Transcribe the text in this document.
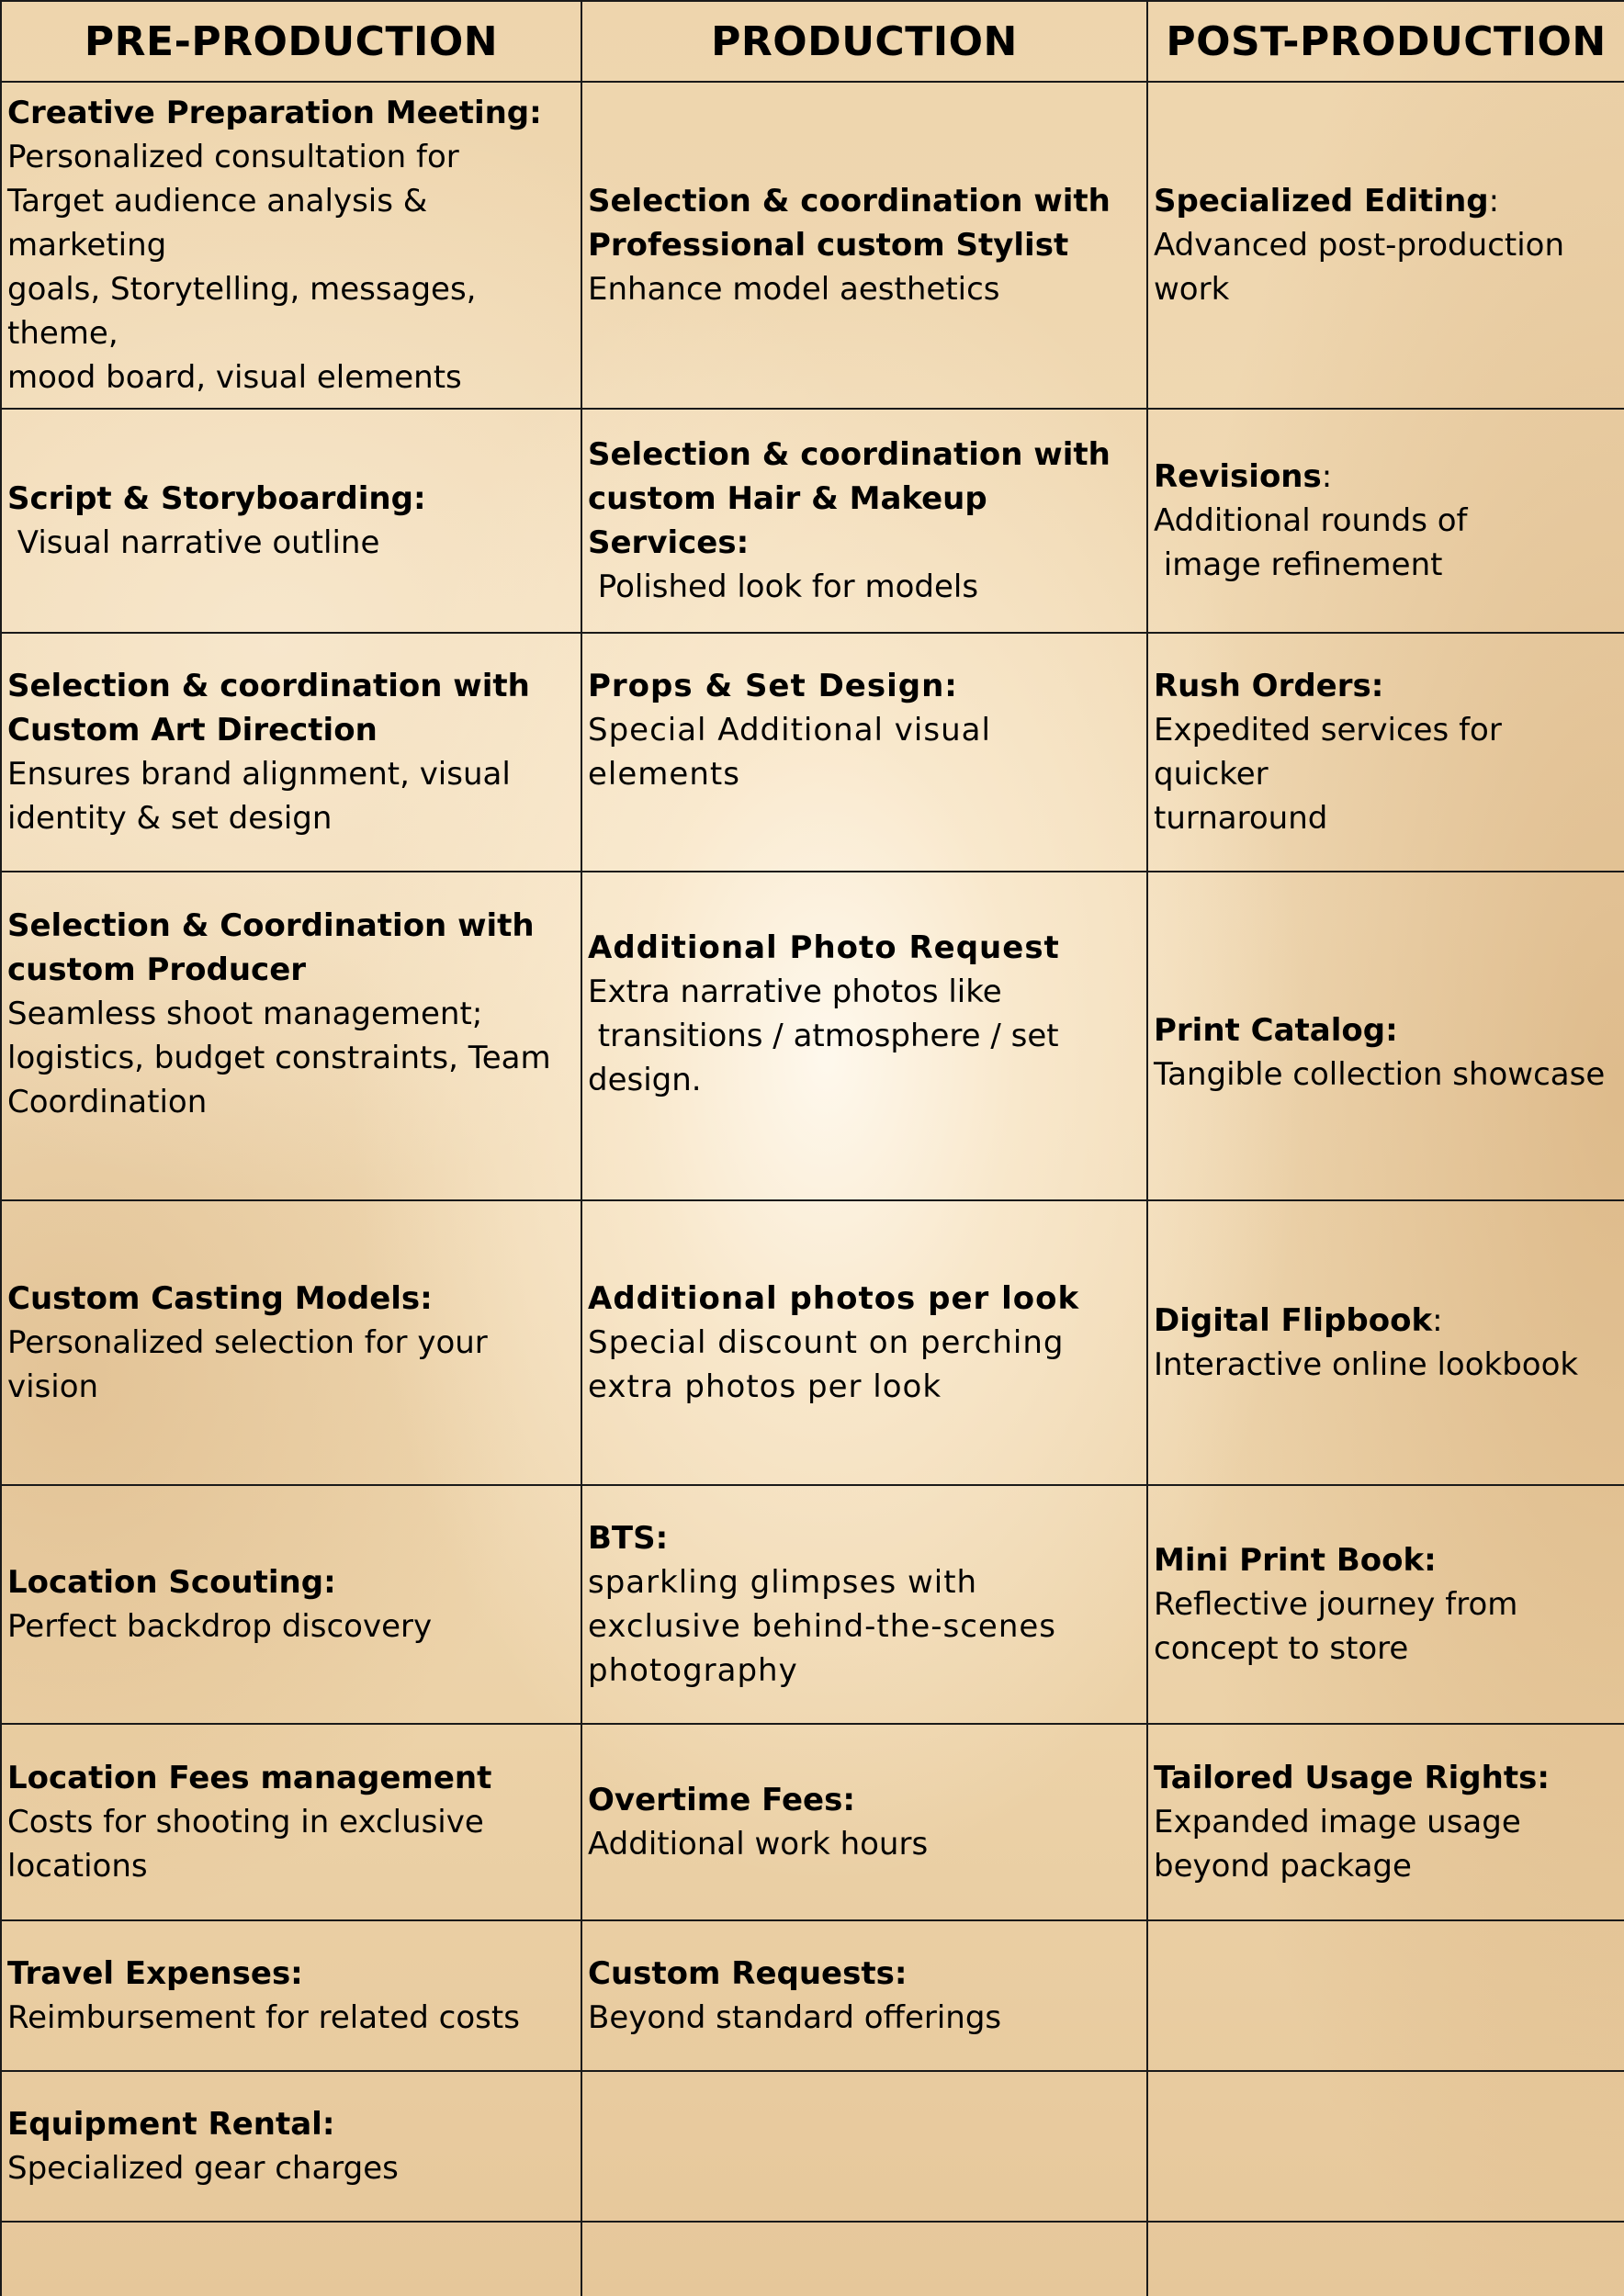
PRE-PRODUCTION	PRODUCTION	POST-PRODUCTION

Creative Preparation Meeting:
Personalized consultation for
Target audience analysis & marketing
goals, Storytelling, messages, theme,
mood board, visual elements	Selection & coordination with
Professional custom Stylist
Enhance model aesthetics	Specialized Editing:
Advanced post-production
work

Script & Storyboarding:
Visual narrative outline	Selection & coordination with
custom Hair & Makeup Services:
Polished look for models	Revisions:
Additional rounds of
image refinement

Selection & coordination with
Custom Art Direction
Ensures brand alignment, visual
identity & set design	Props & Set Design:
Special Additional visual elements	Rush Orders:
Expedited services for quicker
turnaround

Selection & Coordination with
custom Producer
Seamless shoot management;
logistics, budget constraints, Team
Coordination	Additional Photo Request
Extra narrative photos like
transitions / atmosphere / set
design.	Print Catalog:
Tangible collection showcase

Custom Casting Models:
Personalized selection for your vision	Additional photos per look
Special discount on perching
extra photos per look	Digital Flipbook:
Interactive online lookbook

Location Scouting:
Perfect backdrop discovery	BTS:
sparkling glimpses with
exclusive behind-the-scenes
photography	Mini Print Book:
Reflective journey from
concept to store

Location Fees management
Costs for shooting in exclusive
locations	Overtime Fees:
Additional work hours	Tailored Usage Rights:
Expanded image usage
beyond package

Travel Expenses:
Reimbursement for related costs	Custom Requests:
Beyond standard offerings	

Equipment Rental:
Specialized gear charges		
